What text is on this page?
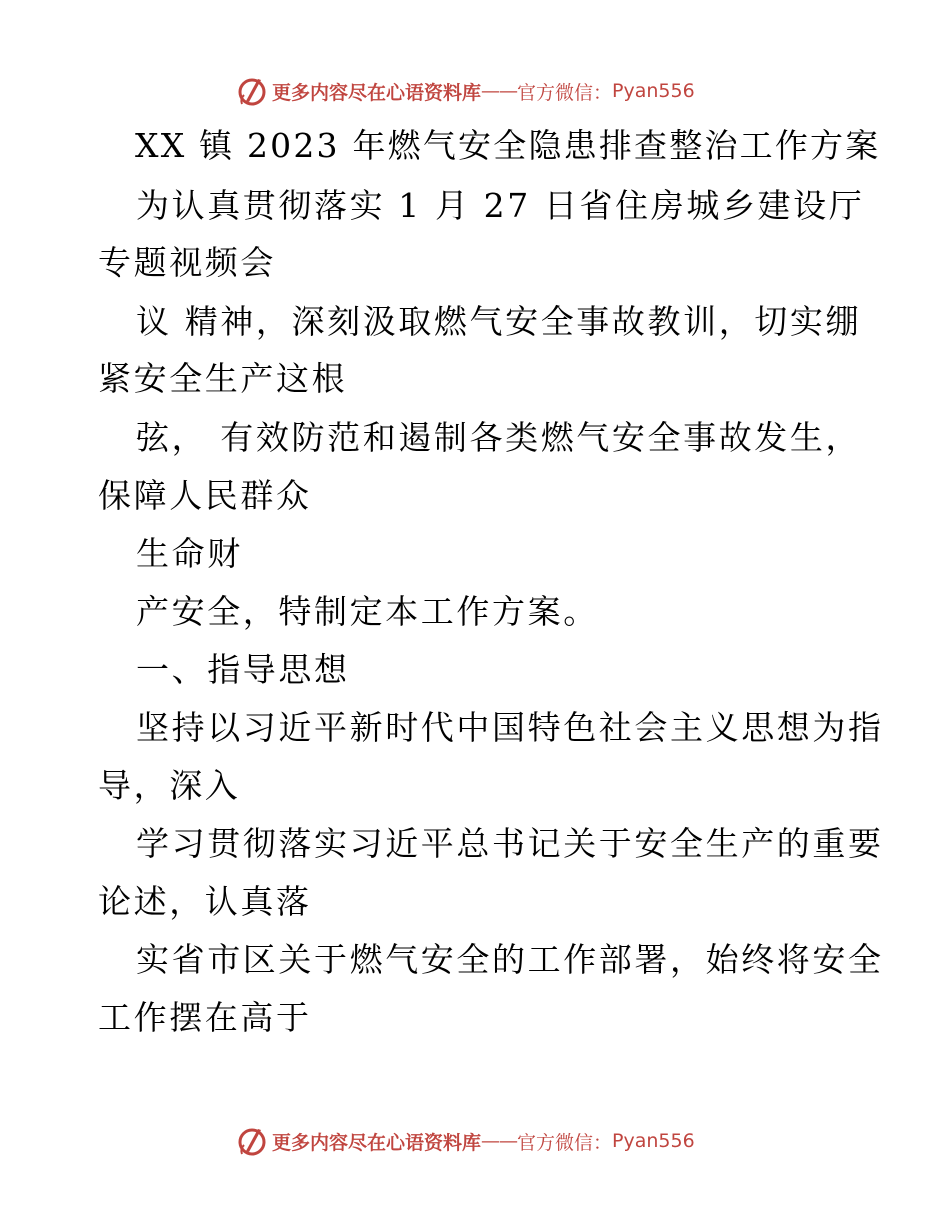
更多内容尽在心语资料库 —— 官方微信： Pyan556

XX 镇 2023 年燃气安全隐患排查整治工作方案

为认真贯彻落实 1 月 27 日省住房城乡建设厅

专题视频会

议 精神，深刻汲取燃气安全事故教训，切实绷

紧安全生产这根

弦， 有效防范和遏制各类燃气安全事故发生，

保障人民群众

生命财

产安全，特制定本工作方案。

一、指导思想

坚持以习近平新时代中国特色社会主义思想为指

导，深入

学习贯彻落实习近平总书记关于安全生产的重要

论述，认真落

实省市区关于燃气安全的工作部署，始终将安全

工作摆在高于

更多内容尽在心语资料库 —— 官方微信： Pyan556
